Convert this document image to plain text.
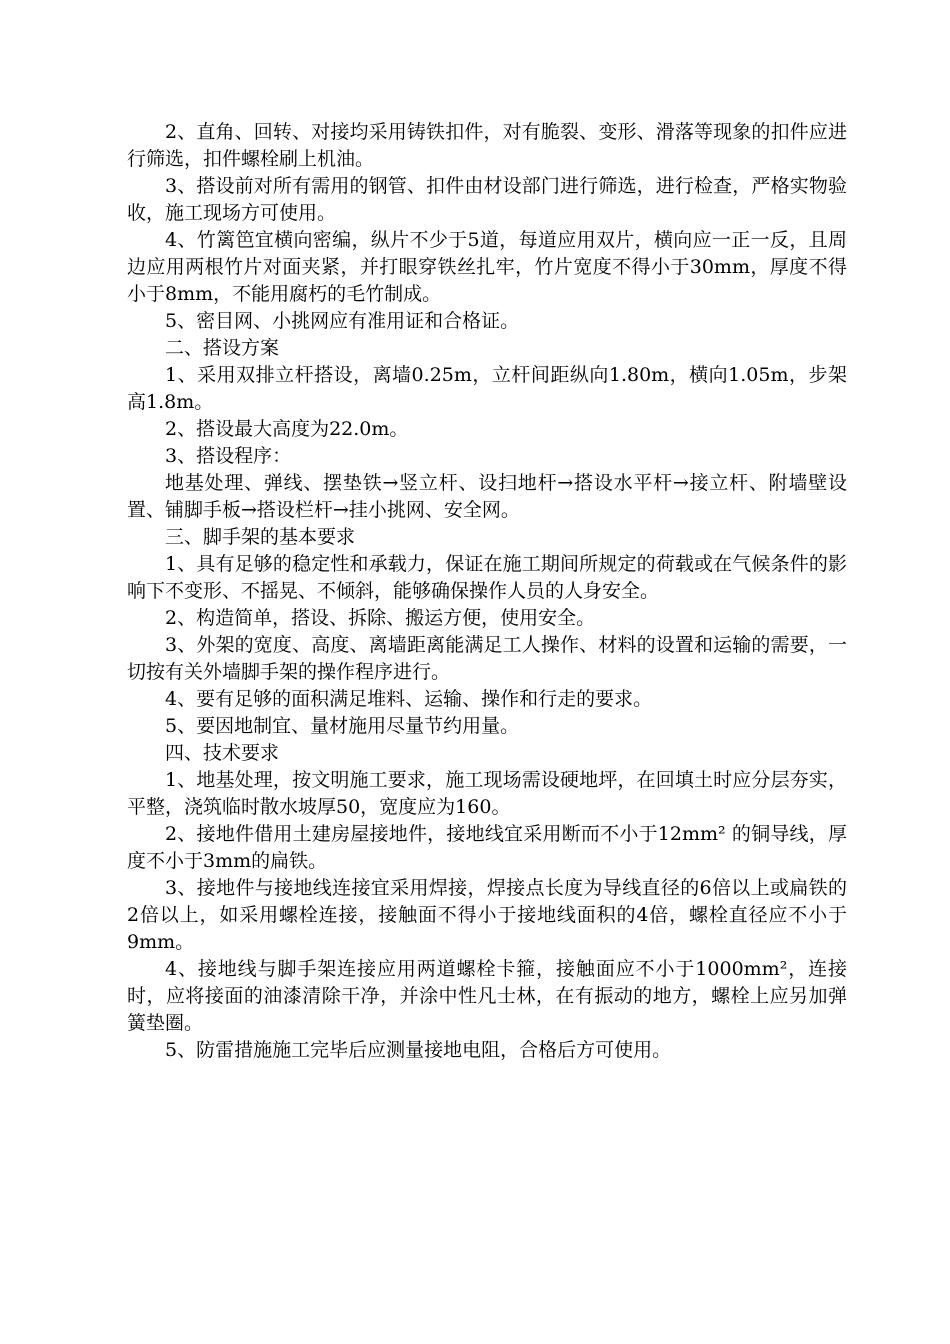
2、直角、回转、对接均采用铸铁扣件，对有脆裂、变形、滑落等现象的扣件应进行筛选，扣件螺栓刷上机油。

3、搭设前对所有需用的钢管、扣件由材设部门进行筛选，进行检查，严格实物验收，施工现场方可使用。

4、竹篱笆宜横向密编，纵片不少于5道，每道应用双片，横向应一正一反，且周边应用两根竹片对面夹紧，并打眼穿铁丝扎牢，竹片宽度不得小于30mm，厚度不得小于8mm，不能用腐朽的毛竹制成。

5、密目网、小挑网应有准用证和合格证。

二、搭设方案

1、采用双排立杆搭设，离墙0.25m，立杆间距纵向1.80m，横向1.05m，步架高1.8m。

2、搭设最大高度为22.0m。

3、搭设程序：

地基处理、弹线、摆垫铁→竖立杆、设扫地杆→搭设水平杆→接立杆、附墙壁设置、铺脚手板→搭设栏杆→挂小挑网、安全网。

三、脚手架的基本要求

1、具有足够的稳定性和承载力，保证在施工期间所规定的荷载或在气候条件的影响下不变形、不摇晃、不倾斜，能够确保操作人员的人身安全。

2、构造简单，搭设、拆除、搬运方便，使用安全。

3、外架的宽度、高度、离墙距离能满足工人操作、材料的设置和运输的需要，一切按有关外墙脚手架的操作程序进行。

4、要有足够的面积满足堆料、运输、操作和行走的要求。

5、要因地制宜、量材施用尽量节约用量。

四、技术要求

1、地基处理，按文明施工要求，施工现场需设硬地坪，在回填土时应分层夯实，平整，浇筑临时散水坡厚50，宽度应为160。

2、接地件借用土建房屋接地件，接地线宜采用断而不小于12mm² 的铜导线，厚度不小于3mm的扁铁。

3、接地件与接地线连接宜采用焊接，焊接点长度为导线直径的6倍以上或扁铁的2倍以上，如采用螺栓连接，接触面不得小于接地线面积的4倍，螺栓直径应不小于9mm。

4、接地线与脚手架连接应用两道螺栓卡箍，接触面应不小于1000mm²，连接时，应将接面的油漆清除干净，并涂中性凡士林，在有振动的地方，螺栓上应另加弹簧垫圈。

5、防雷措施施工完毕后应测量接地电阻，合格后方可使用。
